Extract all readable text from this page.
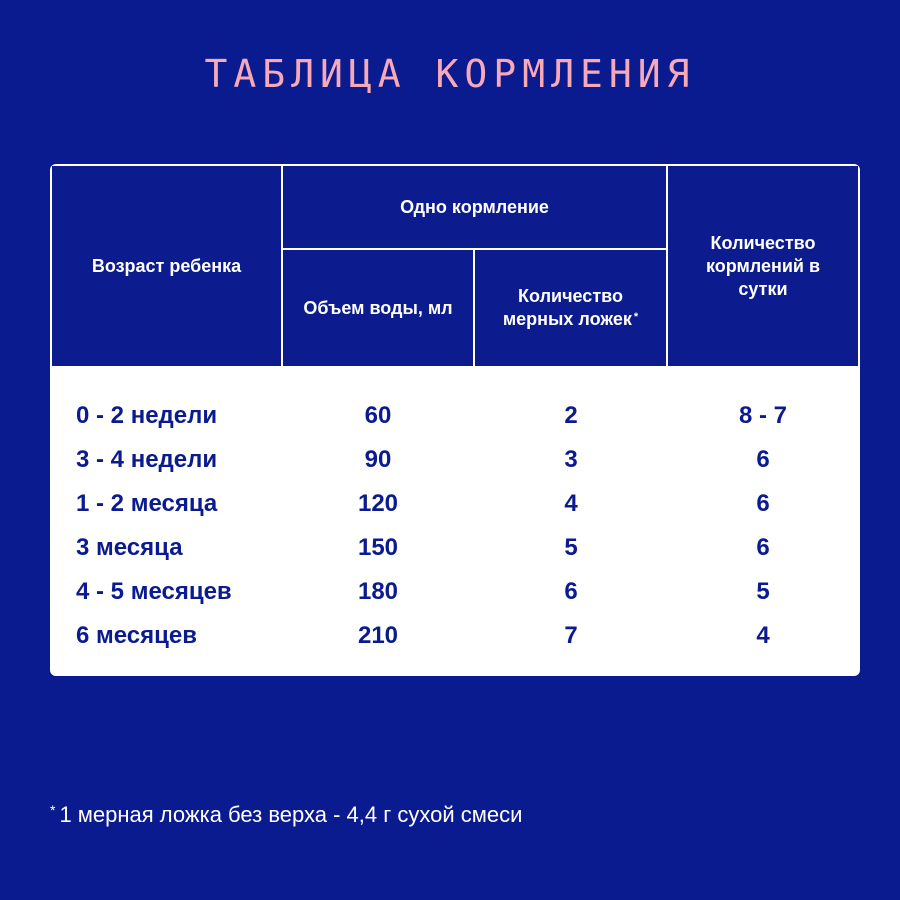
ТАБЛИЦА КОРМЛЕНИЯ
Возраст ребенка
Одно кормление
Объем воды, мл
Количество мерных ложек *
Количество кормлений в сутки
0 - 2 недели	60	2	8 - 7
3 - 4 недели	90	3	6
1 - 2 месяца	120	4	6
3 месяца	150	5	6
4 - 5 месяцев	180	6	5
6 месяцев	210	7	4
* 1 мерная ложка без верха - 4,4 г сухой смеси
